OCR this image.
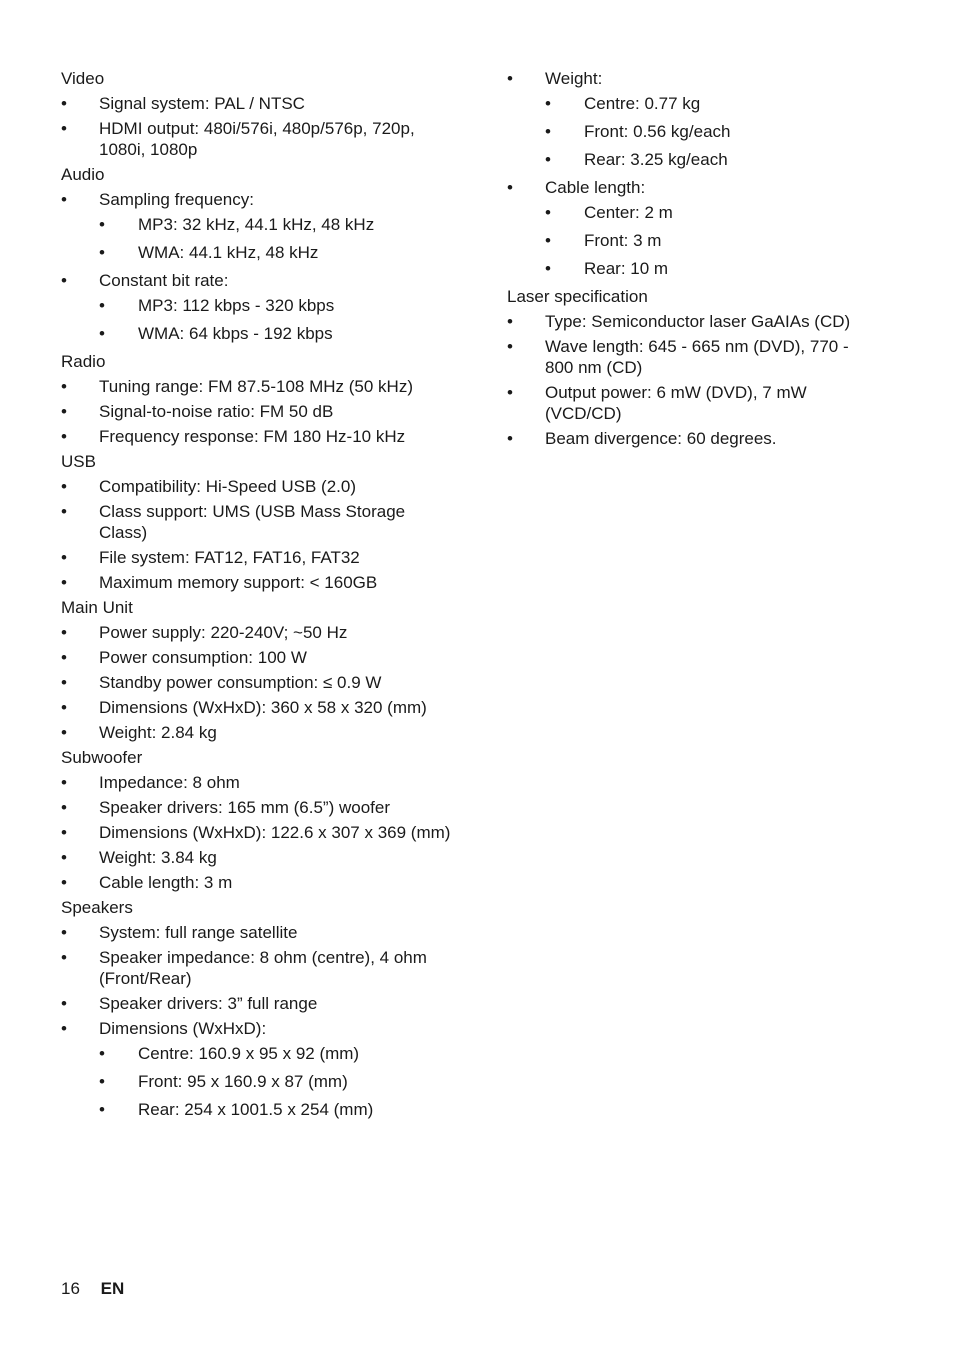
Video
• Signal system: PAL / NTSC
• HDMI output: 480i/576i, 480p/576p, 720p, 1080i, 1080p
Audio
• Sampling frequency:
• MP3: 32 kHz, 44.1 kHz, 48 kHz
• WMA: 44.1 kHz, 48 kHz
• Constant bit rate:
• MP3: 112 kbps - 320 kbps
• WMA: 64 kbps - 192 kbps
Radio
• Tuning range: FM 87.5-108 MHz (50 kHz)
• Signal-to-noise ratio: FM 50 dB
• Frequency response: FM 180 Hz-10 kHz
USB
• Compatibility: Hi-Speed USB (2.0)
• Class support: UMS (USB Mass Storage Class)
• File system: FAT12, FAT16, FAT32
• Maximum memory support: < 160GB
Main Unit
• Power supply: 220-240V; ~50 Hz
• Power consumption: 100 W
• Standby power consumption: ≤ 0.9 W
• Dimensions (WxHxD): 360 x 58 x 320 (mm)
• Weight: 2.84 kg
Subwoofer
• Impedance: 8 ohm
• Speaker drivers: 165 mm (6.5”) woofer
• Dimensions (WxHxD): 122.6 x 307 x 369 (mm)
• Weight: 3.84 kg
• Cable length: 3 m
Speakers
• System: full range satellite
• Speaker impedance: 8 ohm (centre), 4 ohm (Front/Rear)
• Speaker drivers: 3” full range
• Dimensions (WxHxD):
• Centre: 160.9 x 95 x 92 (mm)
• Front: 95 x 160.9 x 87 (mm)
• Rear: 254 x 1001.5 x 254 (mm)
• Weight:
• Centre: 0.77 kg
• Front: 0.56 kg/each
• Rear: 3.25 kg/each
• Cable length:
• Center: 2 m
• Front: 3 m
• Rear: 10 m
Laser specification
• Type: Semiconductor laser GaAIAs (CD)
• Wave length: 645 - 665 nm (DVD), 770 - 800 nm (CD)
• Output power: 6 mW (DVD), 7 mW (VCD/CD)
• Beam divergence: 60 degrees.
16 EN
